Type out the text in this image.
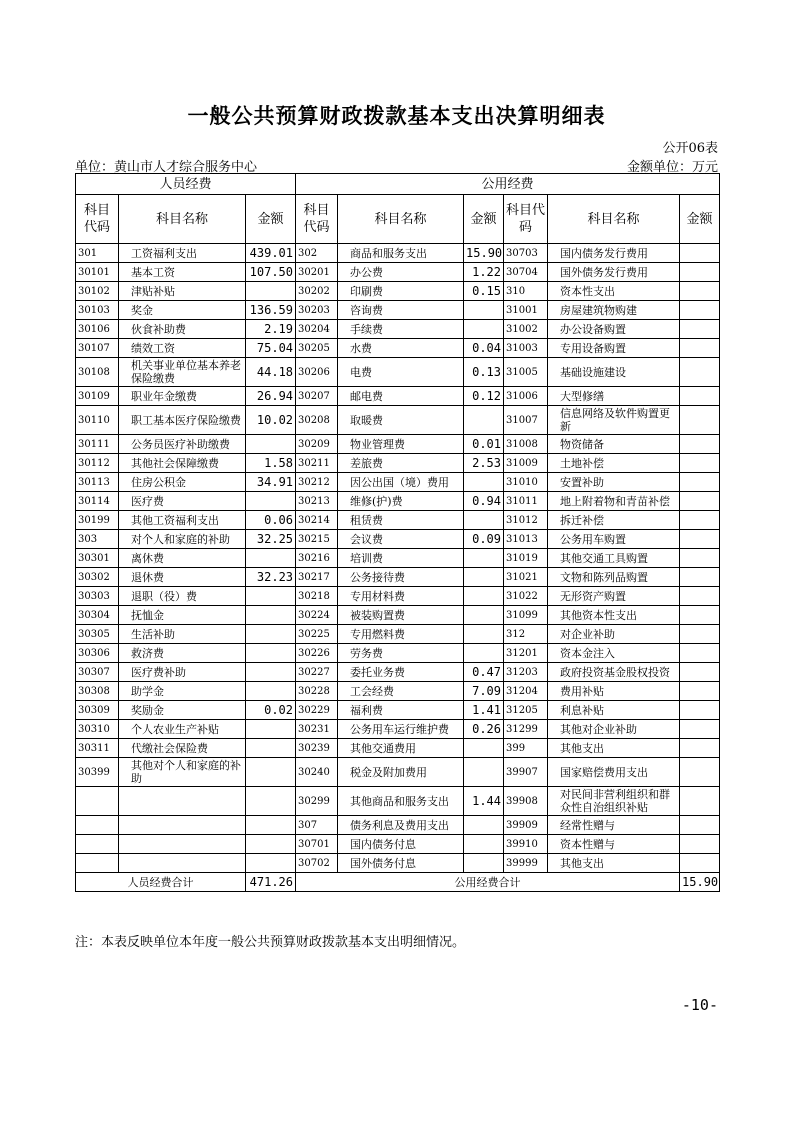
一般公共预算财政拨款基本支出决算明细表
公开06表
单位：黄山市人才综合服务中心	金额单位：万元
人员经费			公用经费					
科目代码	科目名称	金额	科目代码	科目名称	金额	科目代码	科目名称	金额
301	工资福利支出	439.01	302	商品和服务支出	15.90	30703	国内债务发行费用	
30101	基本工资	107.50	30201	办公费	1.22	30704	国外债务发行费用	
30102	津贴补贴		30202	印刷费	0.15	310	资本性支出	
30103	奖金	136.59	30203	咨询费		31001	房屋建筑物购建	
30106	伙食补助费	2.19	30204	手续费		31002	办公设备购置	
30107	绩效工资	75.04	30205	水费	0.04	31003	专用设备购置	
30108	机关事业单位基本养老保险缴费	44.18	30206	电费	0.13	31005	基础设施建设	
30109	职业年金缴费	26.94	30207	邮电费	0.12	31006	大型修缮	
30110	职工基本医疗保险缴费	10.02	30208	取暖费		31007	信息网络及软件购置更新	
30111	公务员医疗补助缴费		30209	物业管理费	0.01	31008	物资储备	
30112	其他社会保障缴费	1.58	30211	差旅费	2.53	31009	土地补偿	
30113	住房公积金	34.91	30212	因公出国（境）费用		31010	安置补助	
30114	医疗费		30213	维修(护)费	0.94	31011	地上附着物和青苗补偿	
30199	其他工资福利支出	0.06	30214	租赁费		31012	拆迁补偿	
303	对个人和家庭的补助	32.25	30215	会议费	0.09	31013	公务用车购置	
30301	离休费		30216	培训费		31019	其他交通工具购置	
30302	退休费	32.23	30217	公务接待费		31021	文物和陈列品购置	
30303	退职（役）费		30218	专用材料费		31022	无形资产购置	
30304	抚恤金		30224	被装购置费		31099	其他资本性支出	
30305	生活补助		30225	专用燃料费		312	对企业补助	
30306	救济费		30226	劳务费		31201	资本金注入	
30307	医疗费补助		30227	委托业务费	0.47	31203	政府投资基金股权投资	
30308	助学金		30228	工会经费	7.09	31204	费用补贴	
30309	奖励金	0.02	30229	福利费	1.41	31205	利息补贴	
30310	个人农业生产补贴		30231	公务用车运行维护费	0.26	31299	其他对企业补助	
30311	代缴社会保险费		30239	其他交通费用		399	其他支出	
30399	其他对个人和家庭的补助		30240	税金及附加费用		39907	国家赔偿费用支出	
			30299	其他商品和服务支出	1.44	39908	对民间非营利组织和群众性自治组织补贴	
			307	债务利息及费用支出		39909	经常性赠与	
			30701	国内债务付息		39910	资本性赠与	
			30702	国外债务付息		39999	其他支出	
人员经费合计		471.26	公用经费合计					15.90
注：本表反映单位本年度一般公共预算财政拨款基本支出明细情况。
-10-
